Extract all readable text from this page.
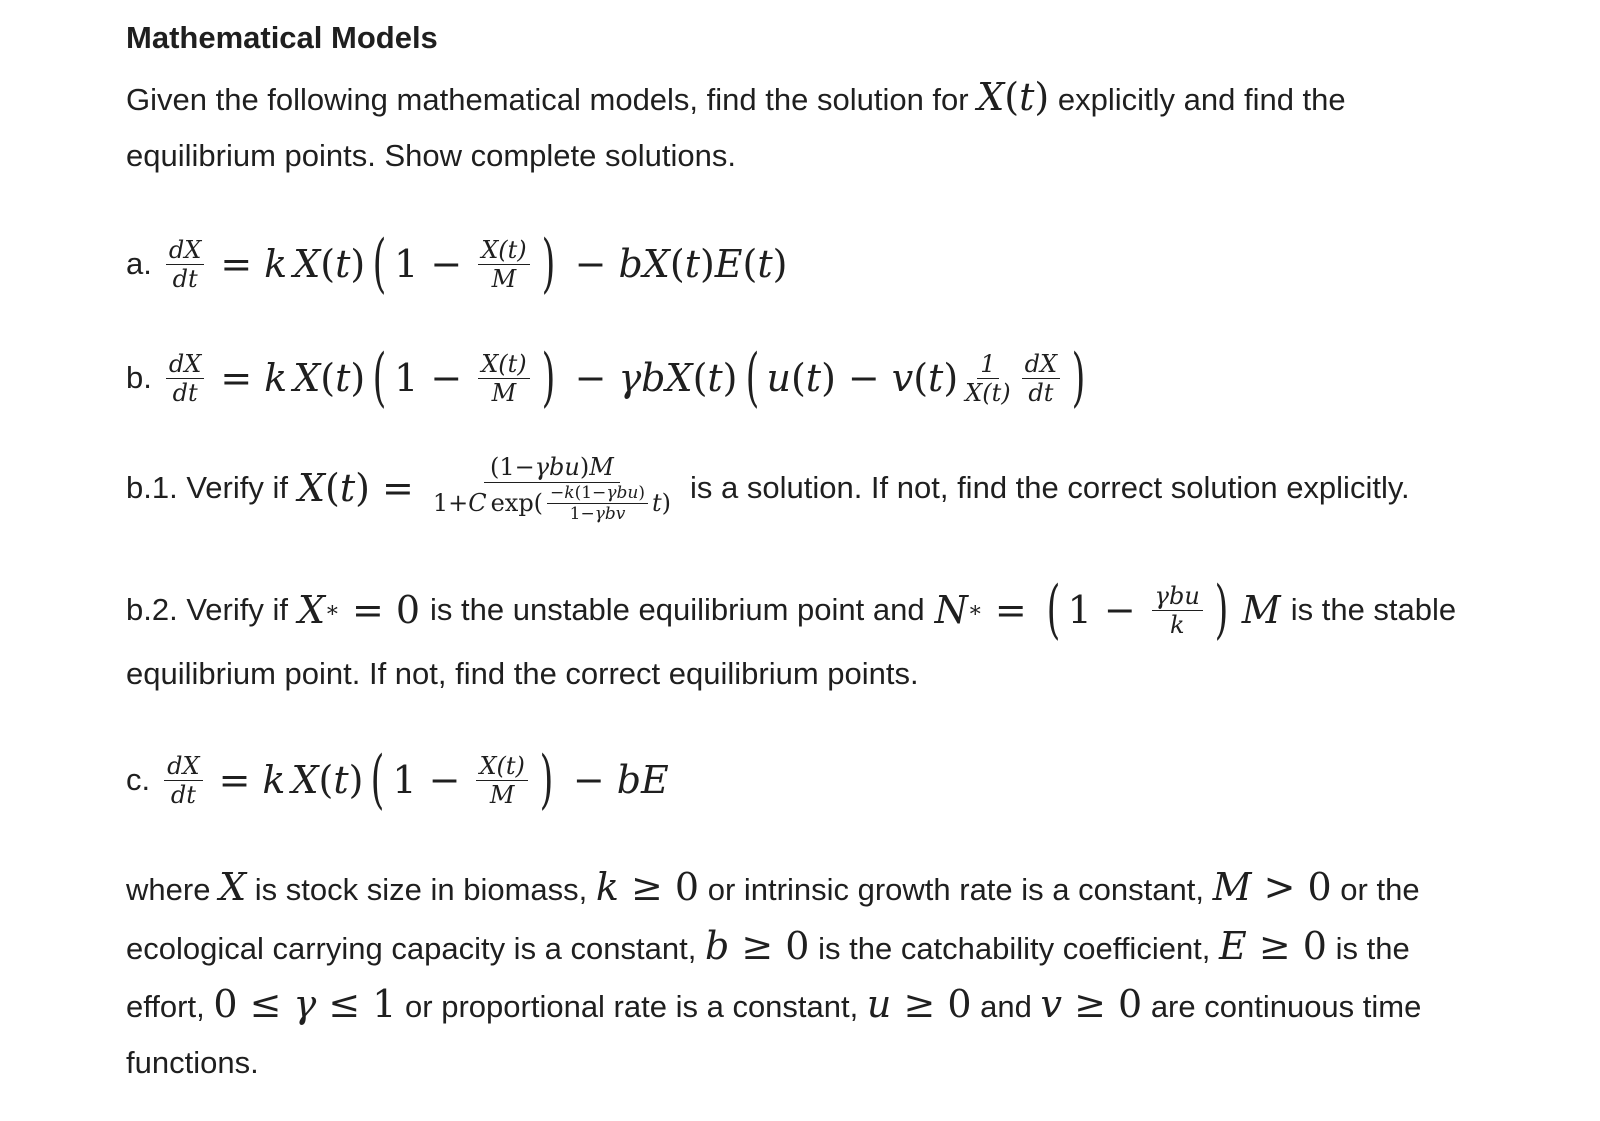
Mathematical Models
Given the following mathematical models, find the solution for X(t) explicitly and find the
equilibrium points. Show complete solutions.
a. $\frac{dX}{dt} = k$ X ( t ) ( $1 - \frac{X(t)}{M}$ ) − bX ( t ) E ( t )
b. $\frac{dX}{dt} = k$ X ( t ) ( $1 - \frac{X(t)}{M}$ ) − γbX ( t ) ( u ( t ) − v ( t ) $\frac{1}{X(t)} \frac{dX}{dt}$ )
b.1. Verify if X ( t ) = $\frac{\text{(1−γbu)M}}{1+ C \exp( \frac{\text{−k(1−γbu)}}{\text{1−γbv}} t )}$ is a solution. If not, find the correct solution explicitly.
b.2. Verify if X ∗ = 0 is the unstable equilibrium point and N ∗ = ( $1 - \frac{\text{γbu}}{k}$ ) M is the stable
equilibrium point. If not, find the correct equilibrium points.
c. $\frac{dX}{dt} = k$ X ( t ) ( $1 - \frac{X(t)}{M}$ ) − bE
where X is stock size in biomass, k ≥ 0 or intrinsic growth rate is a constant, M > 0 or the
ecological carrying capacity is a constant, b ≥ 0 is the catchability coefficient, E ≥ 0 is the
effort, 0 ≤ γ ≤ 1 or proportional rate is a constant, u ≥ 0 and v ≥ 0 are continuous time
functions.
